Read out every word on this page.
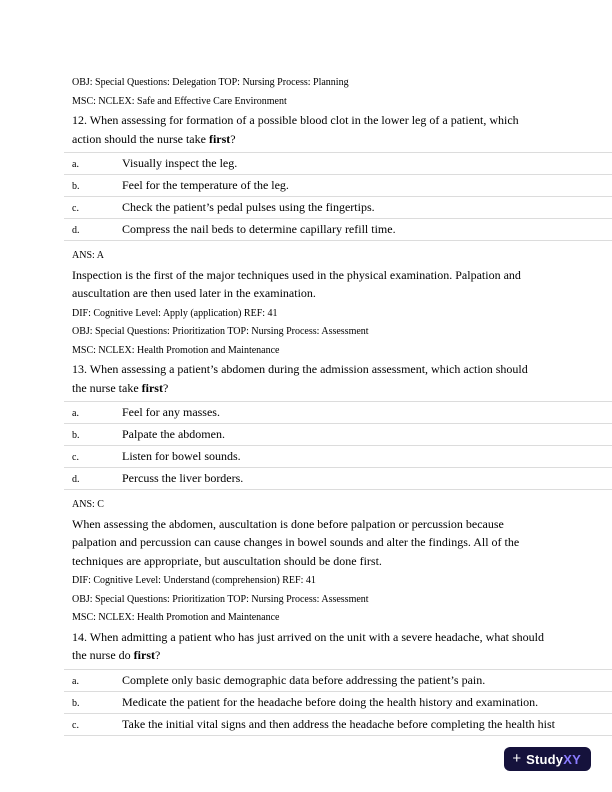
OBJ: Special Questions: Delegation TOP: Nursing Process: Planning

MSC: NCLEX: Safe and Effective Care Environment

12. When assessing for formation of a possible blood clot in the lower leg of a patient, which action should the nurse take first?

a.	Visually inspect the leg.
b.	Feel for the temperature of the leg.
c.	Check the patient’s pedal pulses using the fingertips.
d.	Compress the nail beds to determine capillary refill time.

ANS: A

Inspection is the first of the major techniques used in the physical examination. Palpation and auscultation are then used later in the examination.

DIF: Cognitive Level: Apply (application) REF: 41

OBJ: Special Questions: Prioritization TOP: Nursing Process: Assessment

MSC: NCLEX: Health Promotion and Maintenance

13. When assessing a patient’s abdomen during the admission assessment, which action should the nurse take first?

a.	Feel for any masses.
b.	Palpate the abdomen.
c.	Listen for bowel sounds.
d.	Percuss the liver borders.

ANS: C

When assessing the abdomen, auscultation is done before palpation or percussion because palpation and percussion can cause changes in bowel sounds and alter the findings. All of the techniques are appropriate, but auscultation should be done first.

DIF: Cognitive Level: Understand (comprehension) REF: 41

OBJ: Special Questions: Prioritization TOP: Nursing Process: Assessment

MSC: NCLEX: Health Promotion and Maintenance

14. When admitting a patient who has just arrived on the unit with a severe headache, what should the nurse do first?

a.	Complete only basic demographic data before addressing the patient’s pain.
b.	Medicate the patient for the headache before doing the health history and examination.
c.	Take the initial vital signs and then address the headache before completing the health hist
+ StudyXY
